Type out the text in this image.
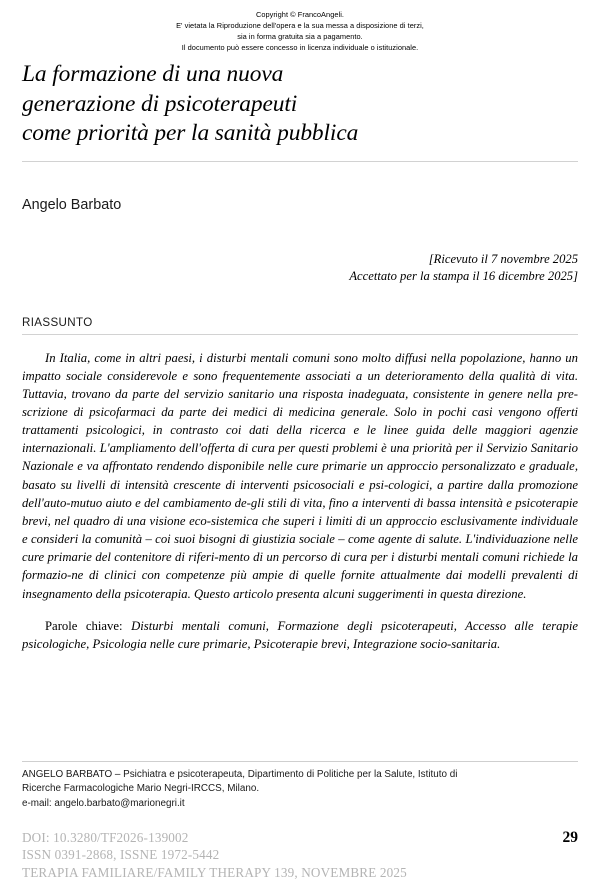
Copyright © FrancoAngeli.
E' vietata la Riproduzione dell'opera e la sua messa a disposizione di terzi,
sia in forma gratuita sia a pagamento.
Il documento può essere concesso in licenza individuale o istituzionale.
La formazione di una nuova
generazione di psicoterapeuti
come priorità per la sanità pubblica
Angelo Barbato
[Ricevuto il 7 novembre 2025
Accettato per la stampa il 16 dicembre 2025]
RIASSUNTO

In Italia, come in altri paesi, i disturbi mentali comuni sono molto diffusi nella popolazione, hanno un impatto sociale considerevole e sono frequentemente associati a un deterioramento della qualità di vita. Tuttavia, trovano da parte del servizio sanitario una risposta inadeguata, consistente in genere nella pre-scrizione di psicofarmaci da parte dei medici di medicina generale. Solo in pochi casi vengono offerti trattamenti psicologici, in contrasto coi dati della ricerca e le linee guida delle maggiori agenzie internazionali. L'ampliamento dell'offerta di cura per questi problemi è una priorità per il Servizio Sanitario Nazionale e va affrontato rendendo disponibile nelle cure primarie un approccio personalizzato e graduale, basato su livelli di intensità crescente di interventi psicosociali e psi-cologici, a partire dalla promozione dell'auto-mutuo aiuto e del cambiamento de-gli stili di vita, fino a interventi di bassa intensità e psicoterapie brevi, nel quadro di una visione eco-sistemica che superi i limiti di un approccio esclusivamente individuale e consideri la comunità – coi suoi bisogni di giustizia sociale – come agente di salute. L'individuazione nelle cure primarie del contenitore di riferi-mento di un percorso di cura per i disturbi mentali comuni richiede la formazio-ne di clinici con competenze più ampie di quelle fornite attualmente dai modelli prevalenti di insegnamento della psicoterapia. Questo articolo presenta alcuni suggerimenti in questa direzione.

Parole chiave: Disturbi mentali comuni, Formazione degli psicoterapeuti, Accesso alle terapie psicologiche, Psicologia nelle cure primarie, Psicoterapie brevi, Integrazione socio-sanitaria.

ANGELO BARBATO – Psichiatra e psicoterapeuta, Dipartimento di Politiche per la Salute, Istituto di
Ricerche Farmacologiche Mario Negri-IRCCS, Milano.
e-mail: angelo.barbato@marionegri.it
DOI: 10.3280/TF2026-139002
ISSN 0391-2868, ISSNE 1972-5442
TERAPIA FAMILIARE/FAMILY THERAPY 139, NOVEMBRE 2025
29
